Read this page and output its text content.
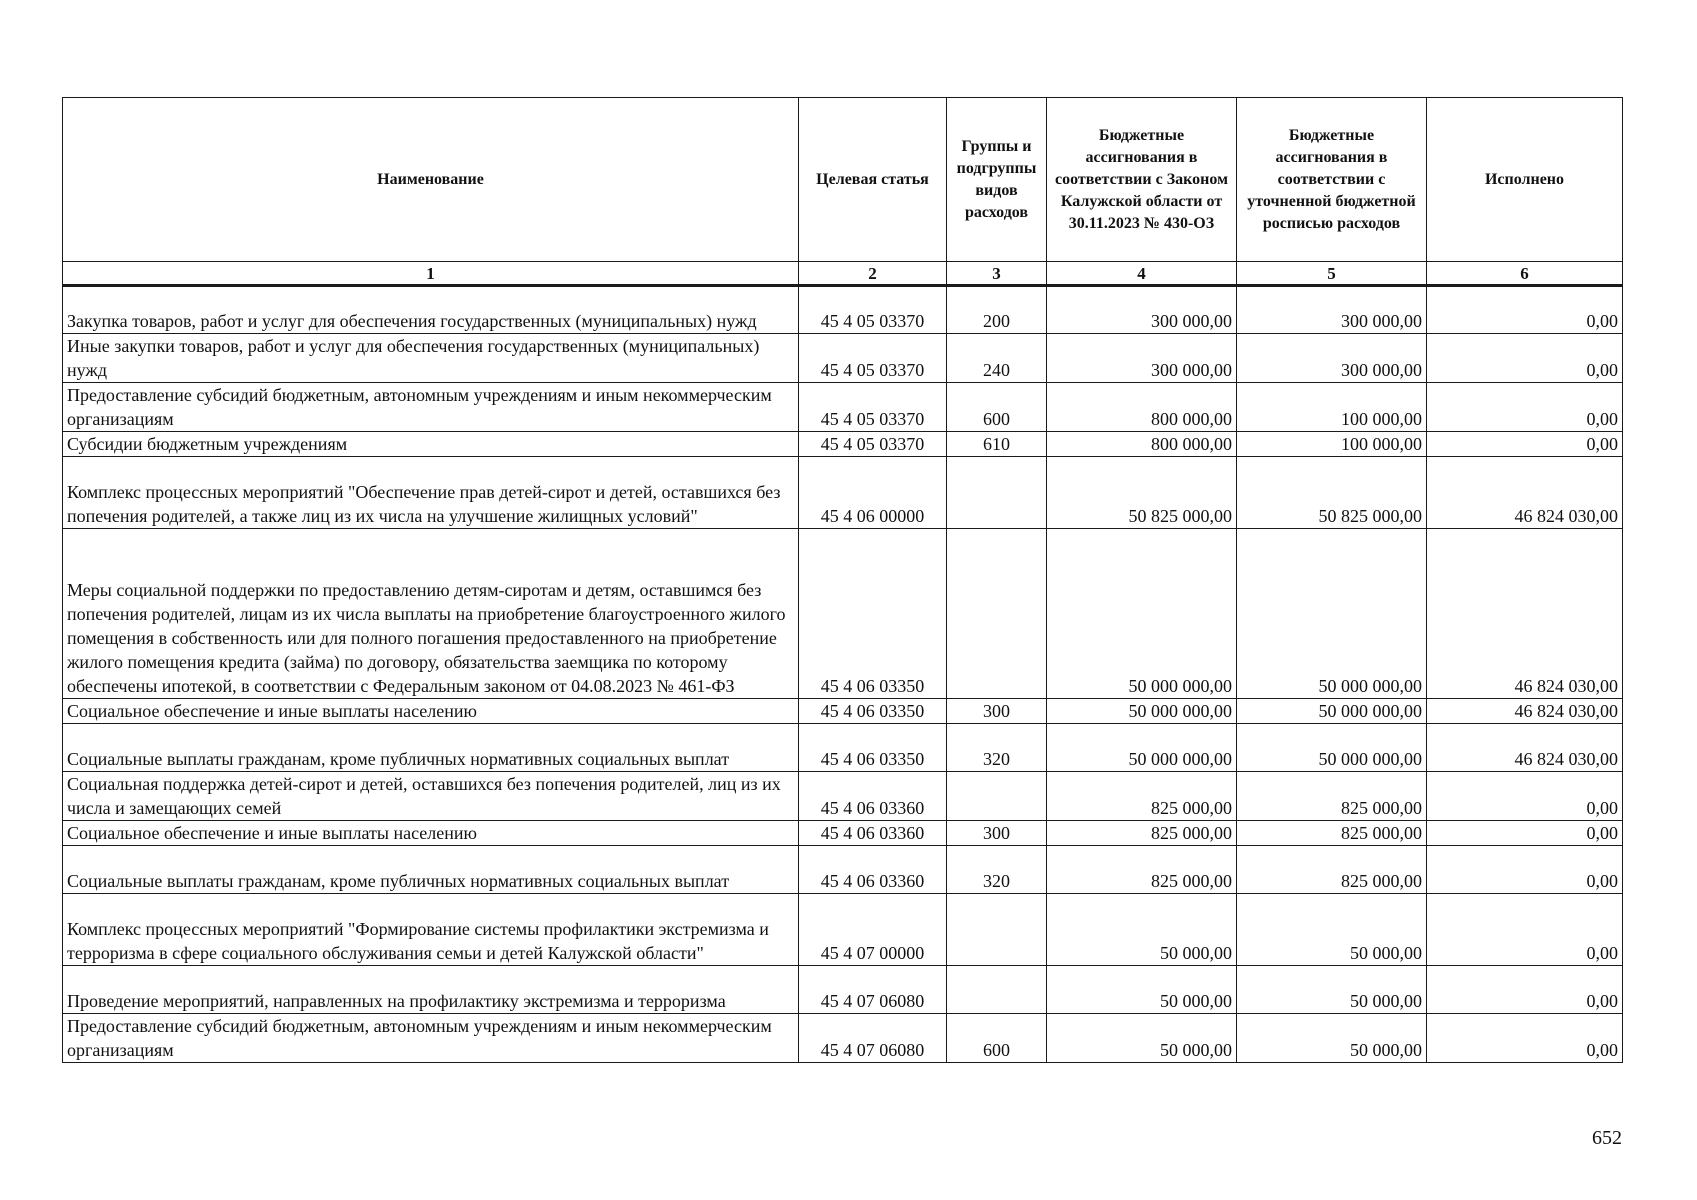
Наименование	Целевая статья	Группы и подгруппы видов расходов	Бюджетные ассигнования в соответствии с Законом Калужской области от 30.11.2023 № 430-ОЗ	Бюджетные ассигнования в соответствии с уточненной бюджетной росписью расходов	Исполнено
1	2	3	4	5	6
Закупка товаров, работ и услуг для обеспечения государственных (муниципальных) нужд	45 4 05 03370	200	300 000,00	300 000,00	0,00
Иные закупки товаров, работ и услуг для обеспечения государственных (муниципальных) нужд	45 4 05 03370	240	300 000,00	300 000,00	0,00
Предоставление субсидий бюджетным, автономным учреждениям и иным некоммерческим организациям	45 4 05 03370	600	800 000,00	100 000,00	0,00
Субсидии бюджетным учреждениям	45 4 05 03370	610	800 000,00	100 000,00	0,00
Комплекс процессных мероприятий "Обеспечение прав детей-сирот и детей, оставшихся без попечения родителей, а также лиц из их числа на улучшение жилищных условий"	45 4 06 00000		50 825 000,00	50 825 000,00	46 824 030,00
Меры социальной поддержки по предоставлению детям-сиротам и детям, оставшимся без попечения родителей, лицам из их числа выплаты на приобретение благоустроенного жилого помещения в собственность или для полного погашения предоставленного на приобретение жилого помещения кредита (займа) по договору, обязательства заемщика по которому обеспечены ипотекой, в соответствии с Федеральным законом от 04.08.2023 № 461-ФЗ	45 4 06 03350		50 000 000,00	50 000 000,00	46 824 030,00
Социальное обеспечение и иные выплаты населению	45 4 06 03350	300	50 000 000,00	50 000 000,00	46 824 030,00
Социальные выплаты гражданам, кроме публичных нормативных социальных выплат	45 4 06 03350	320	50 000 000,00	50 000 000,00	46 824 030,00
Социальная поддержка детей-сирот и детей, оставшихся без попечения родителей, лиц из их числа и замещающих семей	45 4 06 03360		825 000,00	825 000,00	0,00
Социальное обеспечение и иные выплаты населению	45 4 06 03360	300	825 000,00	825 000,00	0,00
Социальные выплаты гражданам, кроме публичных нормативных социальных выплат	45 4 06 03360	320	825 000,00	825 000,00	0,00
Комплекс процессных мероприятий "Формирование системы профилактики экстремизма и терроризма в сфере социального обслуживания семьи и детей Калужской области"	45 4 07 00000		50 000,00	50 000,00	0,00
Проведение мероприятий, направленных на профилактику экстремизма и терроризма	45 4 07 06080		50 000,00	50 000,00	0,00
Предоставление субсидий бюджетным, автономным учреждениям и иным некоммерческим организациям	45 4 07 06080	600	50 000,00	50 000,00	0,00
652
